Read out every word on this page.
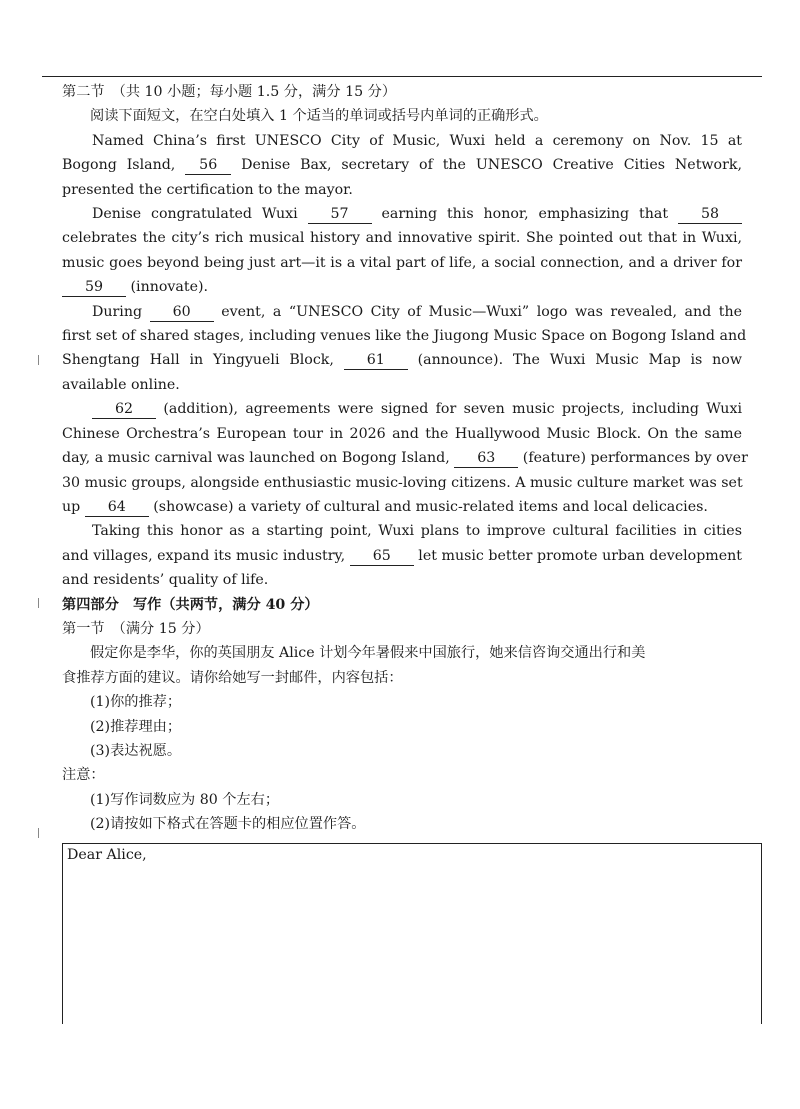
第二节　（共 10 小题；每小题 1.5 分，满分 15 分）
阅读下面短文，在空白处填入 1 个适当的单词或括号内单词的正确形式。
Named China’s first UNESCO City of Music, Wuxi held a ceremony on Nov. 15 at
Bogong Island, 56 Denise Bax, secretary of the UNESCO Creative Cities Network,
presented the certification to the mayor.
Denise congratulated Wuxi 57 earning this honor, emphasizing that 58
celebrates the city’s rich musical history and innovative spirit. She pointed out that in Wuxi,
music goes beyond being just art—it is a vital part of life, a social connection, and a driver for
59 (innovate).
During 60 event, a “UNESCO City of Music—Wuxi” logo was revealed, and the
first set of shared stages, including venues like the Jiugong Music Space on Bogong Island and
Shengtang Hall in Yingyueli Block, 61 (announce). The Wuxi Music Map is now
available online.
62 (addition), agreements were signed for seven music projects, including Wuxi
Chinese Orchestra’s European tour in 2026 and the Huallywood Music Block. On the same
day, a music carnival was launched on Bogong Island, 63 (feature) performances by over
30 music groups, alongside enthusiastic music-loving citizens. A music culture market was set
up 64 (showcase) a variety of cultural and music-related items and local delicacies.
Taking this honor as a starting point, Wuxi plans to improve cultural facilities in cities
and villages, expand its music industry, 65 let music better promote urban development
and residents’ quality of life.
第四部分　写作（共两节，满分 40 分）
第一节　（满分 15 分）
假定你是李华，你的英国朋友 Alice 计划今年暑假来中国旅行，她来信咨询交通出行和美
食推荐方面的建议。请你给她写一封邮件，内容包括：
(1)你的推荐；
(2)推荐理由；
(3)表达祝愿。
注意：
(1)写作词数应为 80 个左右；
(2)请按如下格式在答题卡的相应位置作答。
Dear Alice,
